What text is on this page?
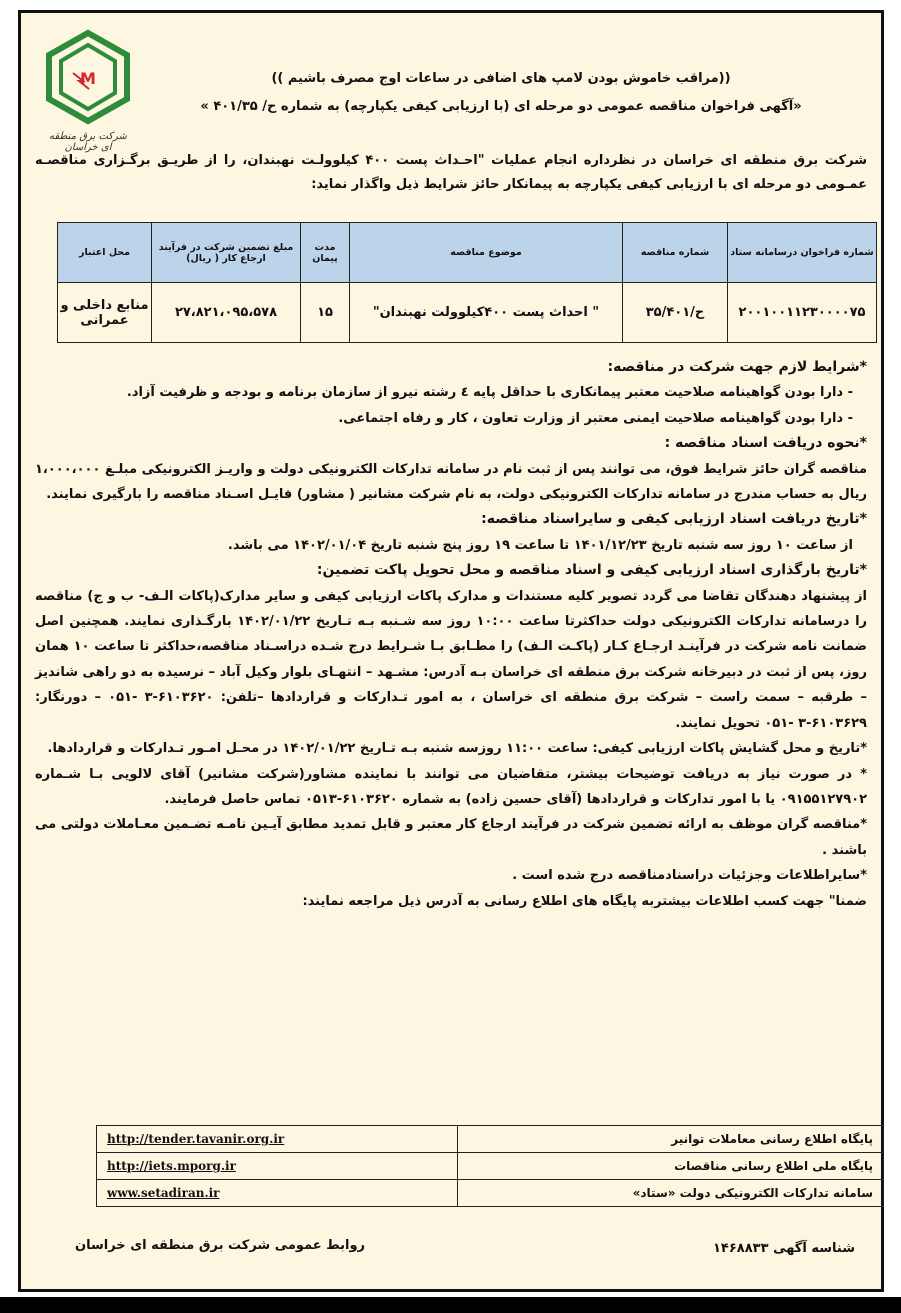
M
شرکت برق منطقه ای خراسان
((مراقب خاموش بودن لامپ های اضافی در ساعات اوج مصرف باشیم ))
«آگهی فراخوان مناقصه عمومی دو مرحله ای (با ارزیابی کیفی یکپارچه) به شماره ح/ ۴۰۱/۳۵ »
شرکت برق منطقه ای خراسان در نظرداره انجام عملیات "احـداث پست ۴۰۰ کیلوولـت نهبندان، را از طریـق برگـزاری مناقصـه عمـومی دو مرحله ای با ارزیابی کیفی یکپارچه به پیمانکار حائز شرایط ذیل واگذار نماید:
شماره فراخوان درسامانه ستاد	شماره مناقصه	موضوع مناقصه	مدت پیمان	مبلغ تضمین شرکت در فرآیند ارجاع کار ( ریال)	محل اعتبار
۲۰۰۱۰۰۱۱۲۳۰۰۰۰۷۵	ح/۳۵/۴۰۱	" احداث پست ۴۰۰کیلوولت نهبندان"	۱۵	۲۷،۸۲۱،۰۹۵،۵۷۸	منابع داخلی و عمرانی

*شرایط لازم جهت شرکت در مناقصه:

- دارا بودن گواهینامه صلاحیت معتبر پیمانکاری با حداقل پایه ٤ رشته نیرو از سازمان برنامه و بودجه و ظرفیت آزاد.

- دارا بودن گواهینامه صلاحیت ایمنی معتبر از وزارت تعاون ، کار و رفاه اجتماعی.

*نحوه دریافت اسناد مناقصه :

مناقصه گران حائز شرایط فوق، می توانند پس از ثبت نام در سامانه تدارکات الکترونیکی دولت و واریـز الکترونیکی مبلـغ ۱،۰۰۰،۰۰۰ ریال به حساب مندرج در سامانه تدارکات الکترونیکی دولت، به نام شرکت مشانیر ( مشاور) فایـل اسـناد مناقصه را بارگیری نمایند.

*تاریخ دریافت اسناد ارزیابی کیفی و سایراسناد مناقصه:

از ساعت ۱۰ روز سه شنبه تاریخ ۱۴۰۱/۱۲/۲۳ تا ساعت ۱۹ روز پنج شنبه تاریخ ۱۴۰۲/۰۱/۰۴ می باشد.

*تاریخ بارگذاری اسناد ارزیابی کیفی و اسناد مناقصه و محل تحویل پاکت تضمین:

از پیشنهاد دهندگان تقاضا می گردد تصویر کلیه مستندات و مدارک پاکات ارزیابی کیفی و سایر مدارک(پاکات الـف- ب و ج) مناقصه را درسامانه تدارکات الکترونیکی دولت حداکثرتا ساعت ۱۰:۰۰ روز سه شـنبه بـه تـاریخ ۱۴۰۲/۰۱/۲۲ بارگـذاری نمایند. همچنین اصل ضمانت نامه شرکت در فرآینـد ارجـاع کـار (پاکـت الـف) را مطـابق بـا شـرایط درج شـده دراسـناد مناقصه،حداکثر تا ساعت ۱۰ همان روز، پس از ثبت در دبیرخانه شرکت برق منطقه ای خراسان بـه آدرس: مشـهد – انتهـای بلوار وکیل آباد – نرسیده به دو راهی شاندیز – طرقبه – سمت راست – شرکت برق منطقه ای خراسان ، به امور تـدارکات و قراردادها –تلفن: ۶۱۰۳۶۲۰-۳ -۰۵۱ – دورنگار: ۶۱۰۳۶۲۹-۳ -۰۵۱ تحویل نمایند.

*تاریخ و محل گشایش پاکات ارزیابی کیفی: ساعت ۱۱:۰۰ روزسه شنبه بـه تـاریخ ۱۴۰۲/۰۱/۲۲ در محـل امـور تـدارکات و قراردادها.

* در صورت نیاز به دریافت توضیحات بیشتر، متقاضیان می توانند با نماینده مشاور(شرکت مشانیر) آقای لالویی بـا شـماره ۰۹۱۵۵۱۲۷۹۰۲ یا با امور تدارکات و قراردادها (آقای حسین زاده) به شماره ۶۱۰۳۶۲۰-۰۵۱۳ تماس حاصل فرمایند.

*مناقصه گران موظف به ارائه تضمین شرکت در فرآیند ارجاع کار معتبر و قابل تمدید مطابق آیـین نامـه تضـمین معـاملات دولتی می باشند .

*سایراطلاعات وجزئیات دراسنادمناقصه درج شده است .

ضمنا" جهت کسب اطلاعات بیشتربه پایگاه های اطلاع رسانی به آدرس ذیل مراجعه نمایند:

پایگاه اطلاع رسانی معاملات توانیر	http://tender.tavanir.org.ir
پایگاه ملی اطلاع رسانی مناقصات	http://iets.mporg.ir
سامانه تدارکات الکترونیکی دولت «ستاد»	www.setadiran.ir
شناسه آگهی ۱۴۶۸۸۳۳
روابط عمومی شرکت برق منطقه ای خراسان
